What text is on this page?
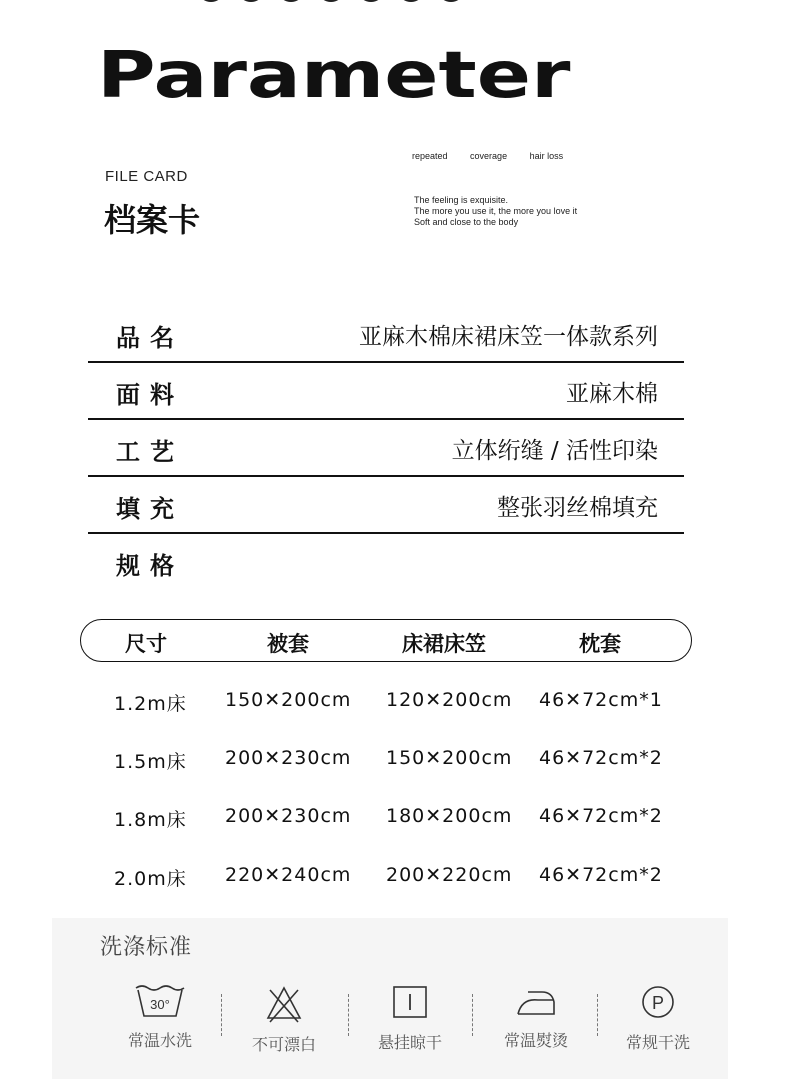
Parameter
repeated	coverage	hair loss
FILE CARD
档案卡
The feeling is exquisite.
The more you use it, the more you love it
Soft and close to the body
品名	亚麻木棉床裙床笠一体款系列
面料	亚麻木棉
工艺	立体绗缝 / 活性印染
填充	整张羽丝棉填充
规格
尺寸	被套	床裙床笠	枕套
1.2m床 150✕200cm 120✕200cm 46✕72cm*1
1.5m床 200✕230cm 150✕200cm 46✕72cm*2
1.8m床 200✕230cm 180✕200cm 46✕72cm*2
2.0m床 220✕240cm 200✕220cm 46✕72cm*2
洗涤标准
30°
常温水洗	不可漂白	悬挂晾干	常温熨烫
P
常规干洗
